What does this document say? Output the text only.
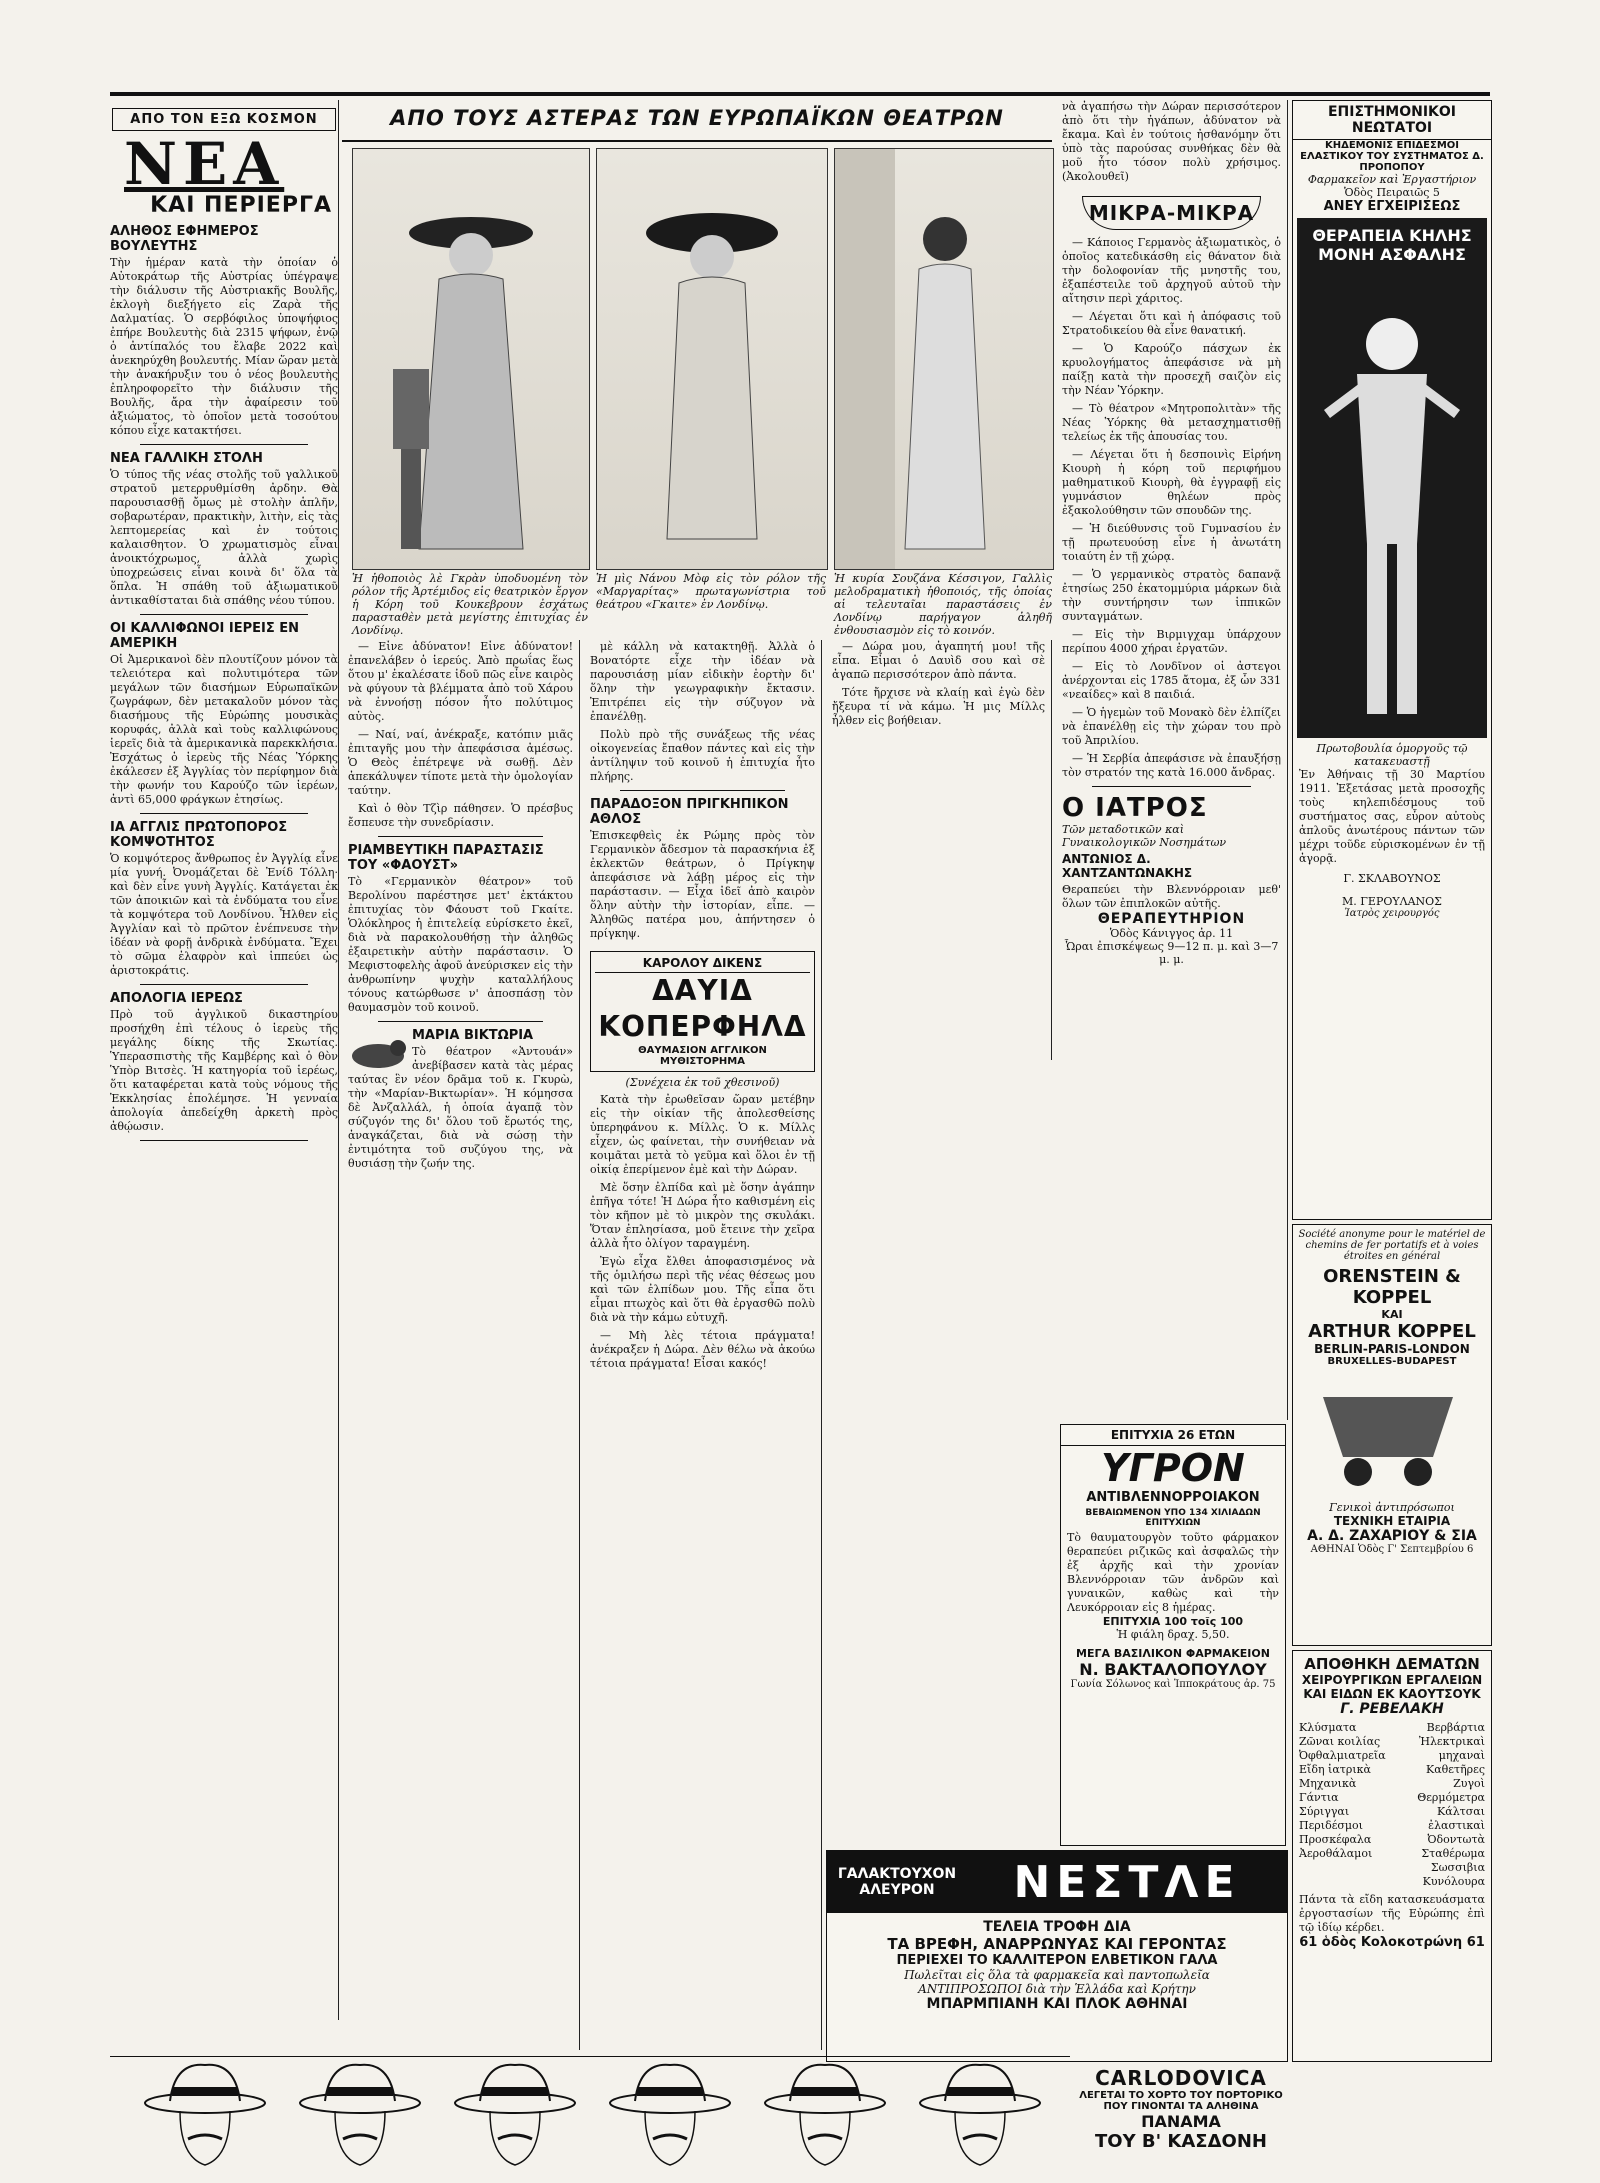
ΑΠΟ ΤΟΝ ΕΞΩ ΚΟΣΜΟΝ
ΝΕΑ
ΚΑΙ ΠΕΡΙΕΡΓΑ
ΑΛΗΘΟΣ ΕΦΗΜΕΡΟΣ ΒΟΥΛΕΥΤΗΣ

Τὴν ἡμέραν κατὰ τὴν ὁποίαν ὁ Αὐτοκράτωρ τῆς Αὐστρίας ὑπέγραψε τὴν διάλυσιν τῆς Αὐστριακῆς Βουλῆς, ἐκλογὴ διεξήγετο εἰς Ζαρὰ τῆς Δαλματίας. Ὁ σερβόφιλος ὑποψήφιος ἐπήρε Βουλευτὴς διὰ 2315 ψήφων, ἐνῷ ὁ ἀντίπαλός του ἔλαβε 2022 καὶ ἀνεκηρύχθη βουλευτής. Μίαν ὥραν μετὰ τὴν ἀνακήρυξιν του ὁ νέος βουλευτὴς ἐπληροφορεῖτο τὴν διάλυσιν τῆς Βουλῆς, ἄρα τὴν ἀφαίρεσιν τοῦ ἀξιώματος, τὸ ὁποῖον μετὰ τοσούτου κόπου εἶχε κατακτήσει.

ΝΕΑ ΓΑΛΛΙΚΗ ΣΤΟΛΗ

Ὁ τύπος τῆς νέας στολῆς τοῦ γαλλικοῦ στρατοῦ μετερρυθμίσθη ἀρδην. Θὰ παρουσιασθῇ ὄμως μὲ στολὴν ἁπλῆν, σοβαρωτέραν, πρακτικὴν, λιτὴν, εἰς τὰς λεπτομερείας καὶ ἐν τούτοις καλαισθητον. Ὁ χρωματισμὸς εἶναι ἀνοικτόχρωμος, ἀλλὰ χωρὶς ὑποχρεώσεις εἶναι κοινὰ δι' ὅλα τὰ ὅπλα. Ἡ σπάθη τοῦ ἀξιωματικοῦ ἀντικαθίσταται διὰ σπάθης νέου τύπου.

ΟΙ ΚΑΛΛΙΦΩΝΟΙ ΙΕΡΕΙΣ ΕΝ ΑΜΕΡΙΚΗ

Οἱ Ἀμερικανοὶ δὲν πλουτίζουν μόνον τὰ τελειότερα καὶ πολυτιμότερα τῶν μεγάλων τῶν διασήμων Εὐρωπαϊκῶν ζωγράφων, δὲν μετακαλοῦν μόνον τὰς διασήμους τῆς Εὐρώπης μουσικὰς κορυφάς, ἀλλὰ καὶ τοὺς καλλιφώνους ἱερεῖς διὰ τὰ ἀμερικανικὰ παρεκκλήσια. Ἐσχάτως ὁ ἱερεὺς τῆς Νέας Ὑόρκης ἐκάλεσεν ἐξ Ἀγγλίας τὸν περίφημον διὰ τὴν φωνήν του Καρούζο τῶν ἱερέων, ἀντὶ 65,000 φράγκων ἐτησίως.

ΙΑ ΑΓΓΛΙΣ ΠΡΩΤΟΠΟΡΟΣ ΚΟΜΨΟΤΗΤΟΣ

Ὁ κομψότερος ἄνθρωπος ἐν Ἀγγλίᾳ εἶνε μία γυνή. Ὀνομάζεται δὲ Ἐνίδ Τόλλη· καὶ δὲν εἶνε γυνὴ Ἀγγλίς. Κατάγεται ἐκ τῶν ἀποικιῶν καὶ τὰ ἐνδύματα του εἶνε τὰ κομψότερα τοῦ Λονδίνου. Ἦλθεν εἰς Ἀγγλίαν καὶ τὸ πρῶτον ἐνέπνευσε τὴν ἰδέαν νὰ φορῇ ἀνδρικὰ ἐνδύματα. Ἔχει τὸ σῶμα ἐλαφρὸν καὶ ἱππεύει ὡς ἀριστοκράτις.

ΑΠΟΛΟΓΙΑ ΙΕΡΕΩΣ

Πρὸ τοῦ ἀγγλικοῦ δικαστηρίου προσήχθη ἐπὶ τέλους ὁ ἱερεὺς τῆς μεγάλης δίκης τῆς Σκωτίας. Ὑπερασπιστὴς τῆς Καμβέρης καὶ ὁ θὸν Ὑπὸρ Βιτσὲς. Ἡ κατηγορία τοῦ ἱερέως, ὅτι καταφέρεται κατὰ τοὺς νόμους τῆς Ἐκκλησίας ἐπολέμησε. Ἡ γενναία ἀπολογία ἀπεδείχθη ἀρκετὴ πρὸς ἀθῴωσιν.

ΑΠΟ ΤΟΥΣ ΑΣΤΕΡΑΣ ΤΩΝ ΕΥΡΩΠΑΪΚΩΝ ΘΕΑΤΡΩΝ
Ἡ ἠθοποιὸς λὲ Γκρὰν ὑποδυομένη τὸν ρόλον τῆς Ἀρτέμιδος εἰς θεατρικὸν ἔργον ἡ Κόρη τοῦ Κουκεβρουν ἐσχάτως παρασταθὲν μετὰ μεγίστης ἐπιτυχίας ἐν Λονδίνῳ.
Ἡ μὶς Νάνου Μὸφ εἰς τὸν ρόλον τῆς «Μαργαρίτας» πρωταγωνίστρια τοῦ θεάτρου «Γκαιτε» ἐν Λονδίνῳ.
Ἡ κυρία Σουζάνα Κέσσιγον, Γαλλὶς μελοδραματικὴ ἠθοποιός, τῆς ὁποίας αἱ τελευταῖαι παραστάσεις ἐν Λονδίνῳ παρήγαγον ἀληθῆ ἐνθουσιασμὸν εἰς τὸ κοινόν.

— Εἶνε ἀδύνατον! Εἶνε ἀδύνατον! ἐπανελάβεν ὁ ἱερεύς. Ἀπὸ πρωΐας ἕως ὅτου μ' ἐκαλέσατε ἰδοῦ πῶς εἶνε καιρὸς νὰ φύγουν τὰ βλέμματα ἀπὸ τοῦ Χάρου νὰ ἐννοήσῃ πόσον ἦτο πολύτιμος αὐτὸς.

— Ναί, ναί, ἀνέκραξε, κατόπιν μιᾶς ἐπιταγῆς μου τὴν ἀπεφάσισα ἀμέσως. Ὁ Θεὸς ἐπέτρεψε νὰ σωθῇ. Δὲν ἀπεκάλυψεν τίποτε μετὰ τὴν ὁμολογίαν ταύτην.

Καὶ ὁ θὸν Τζὶρ πάθησεν. Ὁ πρέσβυς ἔσπευσε τὴν συνεδρίασιν.

ΡΙΑΜΒΕΥΤΙΚΗ ΠΑΡΑΣΤΑΣΙΣ ΤΟΥ «ΦΑΟΥΣΤ»

Τὸ «Γερμανικὸν θέατρον» τοῦ Βερολίνου παρέστησε μετ' ἐκτάκτου ἐπιτυχίας τὸν Φάουστ τοῦ Γκαίτε. Ὁλόκληρος ἡ ἐπιτελείᾳ εὑρίσκετο ἐκεῖ, διὰ νὰ παρακολουθήσῃ τὴν ἀληθῶς ἐξαιρετικὴν αὐτὴν παράστασιν. Ὁ Μεφιστοφελὴς ἀφοῦ ἀνεύρισκεν εἰς τὴν ἀνθρωπίνην ψυχὴν καταλλήλους τόνους κατώρθωσε ν' ἀποσπάσῃ τὸν θαυμασμὸν τοῦ κοινοῦ.

ΜΑΡΙΑ ΒΙΚΤΩΡΙΑ

Τὸ θέατρον «Ἀντουάν» ἀνεβίβασεν κατὰ τὰς μέρας ταύτας ἓν νέον δρᾶμα τοῦ κ. Γκυρὼ, τὴν «Μαρίαν-Βικτωρίαν». Ἡ κόμησσα δὲ Ἀνζαλλάλ, ἡ ὁποία ἀγαπᾷ τὸν σύζυγόν της δι' ὅλου τοῦ ἔρωτός της, ἀναγκάζεται, διὰ νὰ σώσῃ τὴν ἐντιμότητα τοῦ συζύγου της, νὰ θυσιάσῃ τὴν ζωήν της.

μὲ κάλλη νὰ κατακτηθῇ. Ἀλλὰ ὁ Βονατόρτε εἶχε τὴν ἰδέαν νὰ παρουσιάσῃ μίαν εἰδικὴν ἑορτὴν δι' ὅλην τὴν γεωγραφικὴν ἔκτασιν. Ἐπιτρέπει εἰς τὴν σύζυγον νὰ ἐπανέλθῃ.

Πολὺ πρὸ τῆς συνάξεως τῆς νέας οἰκογενείας ἔπαθον πάντες καὶ εἰς τὴν ἀντίληψιν τοῦ κοινοῦ ἡ ἐπιτυχία ἦτο πλήρης.

ΠΑΡΑΔΟΞΟΝ ΠΡΙΓΚΗΠΙΚΟΝ ΑΘΛΟΣ

Ἐπισκεφθεὶς ἐκ Ρώμης πρὸς τὸν Γερμανικὸν ἄδεσμον τὰ παρασκήνια ἐξ ἐκλεκτῶν θεάτρων, ὁ Πρίγκηψ ἀπεφάσισε νὰ λάβῃ μέρος εἰς τὴν παράστασιν. — Εἶχα ἰδεῖ ἀπὸ καιρὸν ὅλην αὐτὴν τὴν ἰστορίαν, εἶπε. — Ἀληθῶς πατέρα μου, ἀπήντησεν ὁ πρίγκηψ.

ΚΑΡΟΛΟΥ ΔΙΚΕΝΣ
ΔΑΥΙΔ ΚΟΠΕΡΦΗΛΔ
ΘΑΥΜΑΣΙΟΝ ΑΓΓΛΙΚΟΝ ΜΥΘΙΣΤΟΡΗΜΑ
(Συνέχεια ἐκ τοῦ χθεσινοῦ)

Κατὰ τὴν ἐρωθεῖσαν ὥραν μετέβην εἰς τὴν οἰκίαν τῆς ἀπολεσθείσης ὑπερηφάνου κ. Μίλλς. Ὁ κ. Μίλλς εἶχεν, ὡς φαίνεται, τὴν συνήθειαν νὰ κοιμᾶται μετὰ τὸ γεῦμα καὶ ὅλοι ἐν τῇ οἰκίᾳ ἐπερίμενον ἐμὲ καὶ τὴν Δώραν.

Μὲ ὅσην ἐλπίδα καὶ μὲ ὅσην ἀγάπην ἐπῆγα τότε! Ἡ Δώρα ἦτο καθισμένη εἰς τὸν κῆπον μὲ τὸ μικρὸν της σκυλάκι. Ὅταν ἐπλησίασα, μοῦ ἔτεινε τὴν χεῖρα ἀλλὰ ἦτο ὀλίγον ταραγμένη.

Ἐγὼ εἶχα ἔλθει ἀποφασισμένος νὰ τῆς ὁμιλήσω περὶ τῆς νέας θέσεως μου καὶ τῶν ἐλπίδων μου. Τῆς εἶπα ὅτι εἶμαι πτωχὸς καὶ ὅτι θὰ ἐργασθῶ πολὺ διὰ νὰ τὴν κάμω εὐτυχῆ.

— Μὴ λὲς τέτοια πράγματα! ἀνέκραξεν ἡ Δώρα. Δὲν θέλω νὰ ἀκούω τέτοια πράγματα! Εἶσαι κακός!

— Δώρα μου, ἀγαπητή μου! τῆς εἶπα. Εἶμαι ὁ Δαυὶδ σου καὶ σὲ ἀγαπῶ περισσότερον ἀπὸ πάντα.

Τότε ἤρχισε νὰ κλαίῃ καὶ ἐγὼ δὲν ἤξευρα τί νὰ κάμω. Ἡ μις Μίλλς ἦλθεν εἰς βοήθειαν.

νὰ ἀγαπήσω τὴν Δώραν περισσότερον ἀπὸ ὅτι τὴν ἠγάπων, ἀδύνατον νὰ ἔκαμα. Καὶ ἐν τούτοις ἠσθανόμην ὅτι ὑπὸ τὰς παρούσας συνθήκας δὲν θὰ μοῦ ἦτο τόσον πολὺ χρήσιμος. (Ἀκολουθεῖ)

ΜΙΚΡΑ-ΜΙΚΡΑ

— Κάποιος Γερμανὸς ἀξιωματικὸς, ὁ ὁποῖος κατεδικάσθη εἰς θάνατον διὰ τὴν δολοφονίαν τῆς μνηστῆς του, ἐξαπέστειλε τοῦ ἀρχηγοῦ αὐτοῦ τὴν αἴτησιν περὶ χάριτος.

— Λέγεται ὅτι καὶ ἡ ἀπόφασις τοῦ Στρατοδικείου θὰ εἶνε θανατική.

— Ὁ Καρούζο πάσχων ἐκ κρυολογήματος ἀπεφάσισε νὰ μὴ παίξῃ κατὰ τὴν προσεχῆ σαιζὸν εἰς τὴν Νέαν Ὑόρκην.

— Τὸ θέατρον «Μητροπολιτὰν» τῆς Νέας Ὑόρκης θὰ μετασχηματισθῇ τελείως ἐκ τῆς ἀπουσίας του.

— Λέγεται ὅτι ἡ δεσποινὶς Εἰρήνη Κιουρὴ ἡ κόρη τοῦ περιφήμου μαθηματικοῦ Κιουρὴ, θὰ ἐγγραφῇ εἰς γυμνάσιον θηλέων πρὸς ἐξακολούθησιν τῶν σπουδῶν της.

— Ἡ διεύθυνσις τοῦ Γυμνασίου ἐν τῇ πρωτευούσῃ εἶνε ἡ ἀνωτάτη τοιαύτη ἐν τῇ χώρᾳ.

— Ὁ γερμανικὸς στρατὸς δαπανᾷ ἐτησίως 250 ἑκατομμύρια μάρκων διὰ τὴν συντήρησιν των ἱππικῶν συνταγμάτων.

— Εἰς τὴν Βιρμιγχαμ ὑπάρχουν περίπου 4000 χήραι ἐργατῶν.

— Εἰς τὸ Λονδῖνον οἱ ἀστεγοι ἀνέρχονται εἰς 1785 ἄτομα, ἐξ ὧν 331 «νεαίδες» καὶ 8 παιδιά.

— Ὁ ἡγεμὼν τοῦ Μονακὸ δὲν ἐλπίζει νὰ ἐπανέλθῃ εἰς τὴν χώραν του πρὸ τοῦ Ἀπριλίου.

— Ἡ Σερβία ἀπεφάσισε νὰ ἐπαυξήσῃ τὸν στρατόν της κατὰ 16.000 ἄνδρας.

Ο ΙΑΤΡΟΣ
Τῶν μεταδοτικῶν καὶ Γυναικολογικῶν Νοσημάτων
ΑΝΤΩΝΙΟΣ Δ. ΧΑΝΤΖΑΝΤΩΝΑΚΗΣ

Θεραπεύει τὴν Βλεννόρροιαν μεθ' ὅλων τῶν ἐπιπλοκῶν αὐτῆς.

ΘΕΡΑΠΕΥΤΗΡΙΟΝ
Ὁδὸς Κάνιγγος ἀρ. 11
Ὧραι ἐπισκέψεως 9—12 π. μ. καὶ 3—7 μ. μ.
ΕΠΙΤΥΧΙΑ 26 ΕΤΩΝ
ΥΓΡΟΝ
ΑΝΤΙΒΛΕΝΝΟΡΡΟΙΑΚΟΝ
ΒΕΒΑΙΩΜΕΝΟΝ ΥΠΟ 134 ΧΙΛΙΑΔΩΝ ΕΠΙΤΥΧΙΩΝ

Τὸ θαυματουργὸν τοῦτο φάρμακον θεραπεύει ριζικῶς καὶ ἀσφαλῶς τὴν ἐξ ἀρχῆς καὶ τὴν χρονίαν Βλεννόρροιαν τῶν ἀνδρῶν καὶ γυναικῶν, καθὼς καὶ τὴν Λευκόρροιαν εἰς 8 ἡμέρας.

ΕΠΙΤΥΧΙΑ 100 τοῖς 100
Ἡ φιάλη δραχ. 5,50.
ΜΕΓΑ ΒΑΣΙΛΙΚΟΝ ΦΑΡΜΑΚΕΙΟΝ
Ν. ΒΑΚΤΑΛΟΠΟΥΛΟΥ
Γωνία Σόλωνος καὶ Ἱπποκράτους ἀρ. 75
ΕΠΙΣΤΗΜΟΝΙΚΟΙ ΝΕΩΤΑΤΟΙ
ΚΗΔΕΜΟΝΙΣ ΕΠΙΔΕΣΜΟΙ ΕΛΑΣΤΙΚΟΥ ΤΟΥ ΣΥΣΤΗΜΑΤΟΣ Δ. ΠΡΟΠΟΠΟΥ
Φαρμακεῖον καὶ Ἐργαστήριον
Ὁδὸς Πειραιῶς 5
ΑΝΕΥ ΕΓΧΕΙΡΙΣΕΩΣ
ΘΕΡΑΠΕΙΑ ΚΗΛΗΣ ΜΟΝΗ ΑΣΦΑΛΗΣ
Πρωτοβουλία ὁμοργοῦς τῷ κατακευαστῇ

Ἐν Ἀθήναις τῇ 30 Μαρτίου 1911. Ἐξετάσας μετὰ προσοχῆς τοὺς κηλεπιδέσμους τοῦ συστήματος σας, εὗρον αὐτοὺς ἁπλοῦς ἀνωτέρους πάντων τῶν μέχρι τοῦδε εὑρισκομένων ἐν τῇ ἀγορᾷ.

Γ. ΣΚΛΑΒΟΥΝΟΣ
Μ. ΓΕΡΟΥΛΑΝΟΣ
Ἰατρὸς χειρουργός
Société anonyme pour le matériel de chemins de fer portatifs et à voies étroites en général
ORENSTEIN & KOPPEL
ΚΑΙ
ARTHUR KOPPEL
BERLIN-PARIS-LONDON
BRUXELLES-BUDAPEST
Γενικοὶ ἀντιπρόσωποι
ΤΕΧΝΙΚΗ ΕΤΑΙΡΙΑ
Α. Δ. ΖΑΧΑΡΙΟΥ & ΣΙΑ
ΑΘΗΝΑΙ Ὁδὸς Γ' Σεπτεμβρίου 6
ΑΠΟΘΗΚΗ ΔΕΜΑΤΩΝ
ΧΕΙΡΟΥΡΓΙΚΩΝ ΕΡΓΑΛΕΙΩΝ
ΚΑΙ ΕΙΔΩΝ ΕΚ ΚΑΟΥΤΣΟΥΚ
Γ. ΡΕΒΕΛΑΚΗ
Κλύσματα
Ζῶναι κοιλίας
Ὀφθαλμιατρεῖα
Εἴδη ἰατρικὰ
Μηχανικὰ
Γάντια
Σύριγγαι
Περιδέσμοι
Προσκέφαλα
Ἀεροθάλαμοι
Βερβάρτια
Ἠλεκτρικαὶ μηχαναὶ
Καθετῆρες
Ζυγοὶ
Θερμόμετρα
Κάλτσαι ἐλαστικαὶ
Ὀδοντωτὰ
Σταθέρωμα
Σωσσιβια
Κυνόλουρα

Πάντα τὰ εἴδη κατασκευάσματα ἐργοστασίων τῆς Εὐρώπης ἐπὶ τῷ ἰδίῳ κέρδει.

61 ὁδὸς Κολοκοτρώνη 61
ΓΑΛΑΚΤΟΥΧΟΝ
ΑΛΕΥΡΟΝ	ΝΕΣΤΛΕ
ΤΕΛΕΙΑ ΤΡΟΦΗ ΔΙΑ
ΤΑ ΒΡΕΦΗ, ΑΝΑΡΡΩΝΥΑΣ ΚΑΙ ΓΕΡΟΝΤΑΣ
ΠΕΡΙΕΧΕΙ ΤΟ ΚΑΛΛΙΤΕΡΟΝ ΕΛΒΕΤΙΚΟΝ ΓΑΛΑ
Πωλεῖται εἰς ὅλα τὰ φαρμακεῖα καὶ παντοπωλεῖα
ΑΝΤΙΠΡΟΣΩΠΟΙ διὰ τὴν Ἑλλάδα καὶ Κρήτην
ΜΠΑΡΜΠΙΑΝΗ ΚΑΙ ΠΛΟΚ ΑΘΗΝΑΙ
CARLODOVICA
ΛΕΓΕΤΑΙ ΤΟ ΧΟΡΤΟ ΤΟΥ ΠΟΡΤΟΡΙΚΟ
ΠΟΥ ΓΙΝΟΝΤΑΙ ΤΑ ΑΛΗΘΙΝΑ
ΠΑΝΑΜΑ
ΤΟΥ Β' ΚΑΣΔΟΝΗ
